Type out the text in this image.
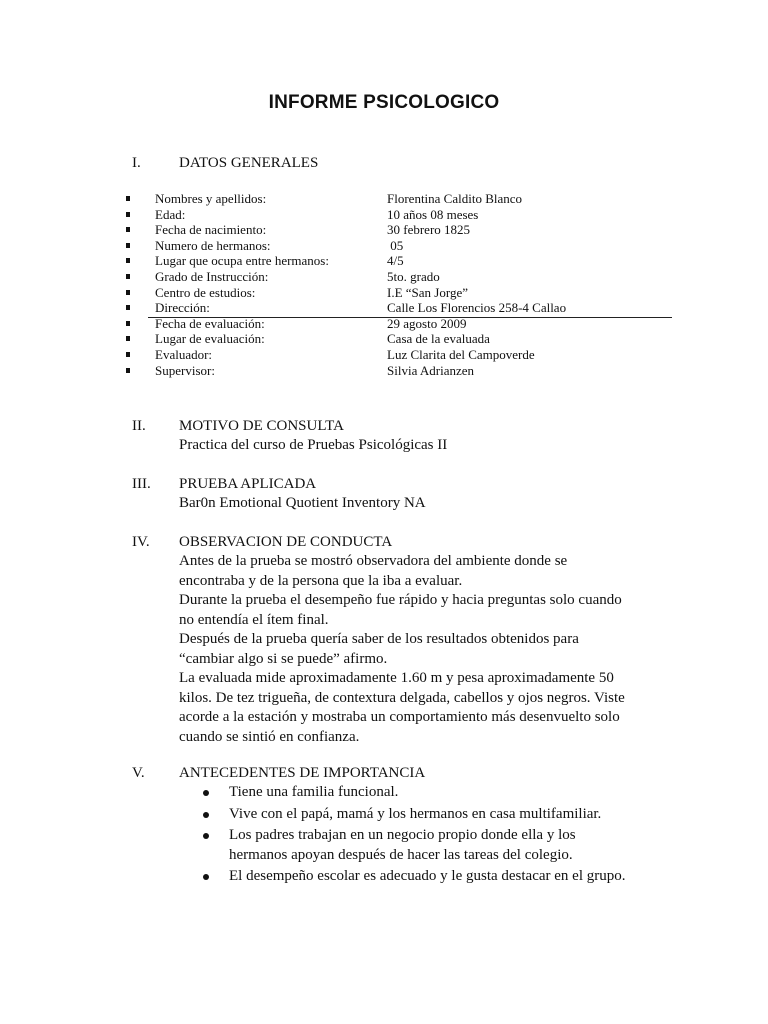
INFORME PSICOLOGICO
I.	DATOS GENERALES
Nombres y apellidos:	Florentina Caldito Blanco
Edad:	10 años 08 meses
Fecha de nacimiento:	30 febrero 1825
Numero de hermanos:	05
Lugar que ocupa entre hermanos:	4/5
Grado de Instrucción:	5to. grado
Centro de estudios:	I.E “San Jorge”
Dirección:	Calle Los Florencios 258-4 Callao
Fecha de evaluación:	29 agosto 2009
Lugar de evaluación:	Casa de la evaluada
Evaluador:	Luz Clarita del Campoverde
Supervisor:	Silvia Adrianzen
II. MOTIVO DE CONSULTA
Practica del curso de Pruebas Psicológicas II
III. PRUEBA APLICADA
Bar0n Emotional Quotient Inventory NA
IV. OBSERVACION DE CONDUCTA
Antes de la prueba se mostró observadora del ambiente donde se
encontraba y de la persona que la iba a evaluar.
Durante la prueba el desempeño fue rápido y hacia preguntas solo cuando
no entendía el ítem final.
Después de la prueba quería saber de los resultados obtenidos para
“cambiar algo si se puede” afirmo.
La evaluada mide aproximadamente 1.60 m y pesa aproximadamente 50
kilos. De tez trigueña, de contextura delgada, cabellos y ojos negros. Viste
acorde a la estación y mostraba un comportamiento más desenvuelto solo
cuando se sintió en confianza.
V. ANTECEDENTES DE IMPORTANCIA
Tiene una familia funcional.
Vive con el papá, mamá y los hermanos en casa multifamiliar.
Los padres trabajan en un negocio propio donde ella y los
hermanos apoyan después de hacer las tareas del colegio.
El desempeño escolar es adecuado y le gusta destacar en el grupo.
